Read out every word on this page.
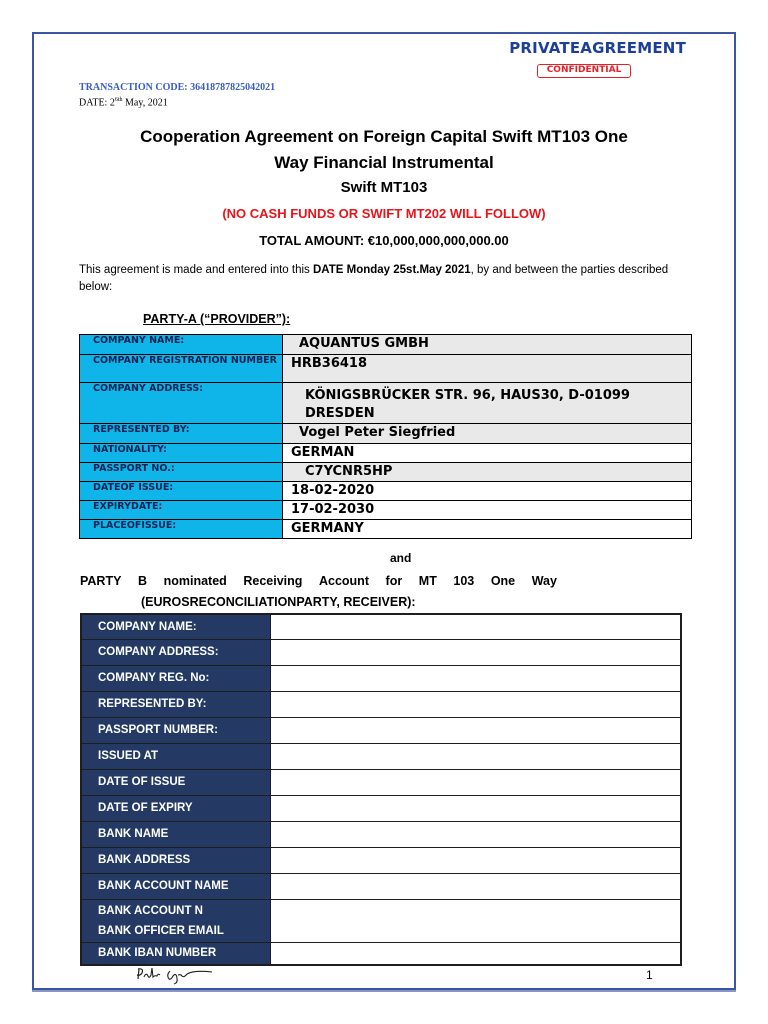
PRIVATEAGREEMENT
CONFIDENTIAL
TRANSACTION CODE: 36418787825042021
DATE: $2^{6th}$ May, 2021
Cooperation Agreement on Foreign Capital Swift MT103 One
Way Financial Instrumental
Swift MT103
(NO CASH FUNDS OR SWIFT MT202 WILL FOLLOW)
TOTAL AMOUNT: €10,000,000,000,000.00
This agreement is made and entered into this DATE Monday 25st.May 2021, by and between the parties described below:
PARTY-A (“PROVIDER”):
COMPANY NAME:	AQUANTUS GMBH
COMPANY REGISTRATION NUMBER	HRB36418
COMPANY ADDRESS:	KÖNIGSBRÜCKER STR. 96, HAUS30, D-01099 DRESDEN
REPRESENTED BY:	Vogel Peter Siegfried
NATIONALITY:	GERMAN
PASSPORT NO.:	C7YCNR5HP
DATEOF ISSUE:	18-02-2020
EXPIRYDATE:	17-02-2030
PLACEOFISSUE:	GERMANY
and
PARTY B nominated Receiving Account for MT 103 One Way
(EUROSRECONCILIATIONPARTY, RECEIVER):
COMPANY NAME:	
COMPANY ADDRESS:	
COMPANY REG. No:	
REPRESENTED BY:	
PASSPORT NUMBER:	
ISSUED AT	
DATE OF ISSUE	
DATE OF EXPIRY	
BANK NAME	
BANK ADDRESS	
BANK ACCOUNT NAME	

BANK ACCOUNT N
BANK OFFICER EMAIL	

BANK IBAN NUMBER	
1
